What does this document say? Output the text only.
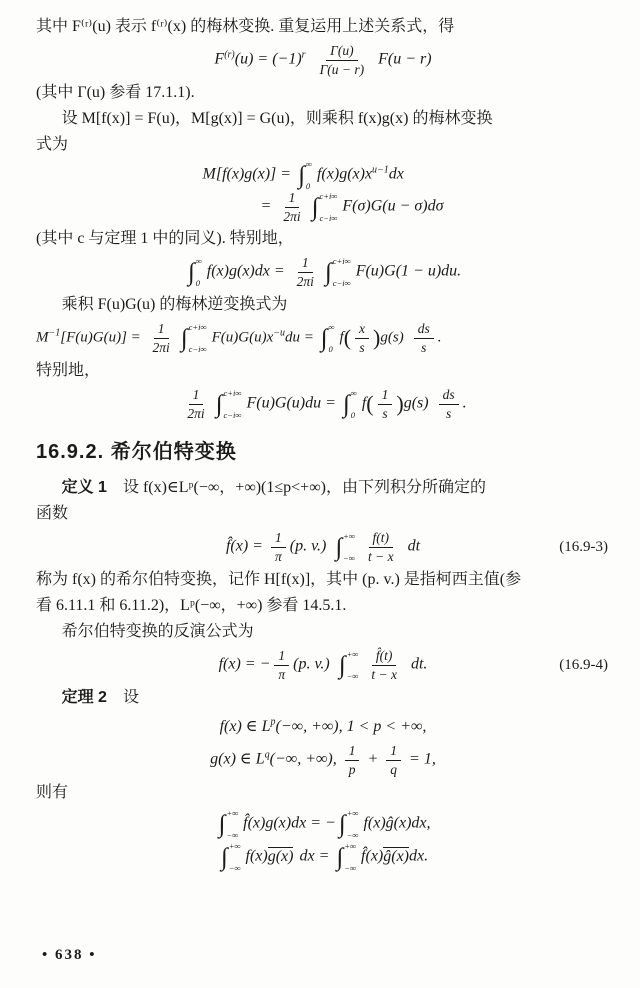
其中 F⁽ʳ⁾(u) 表示 f⁽ʳ⁾(x) 的梅林变换. 重复运用上述关系式，得

$F^{(r)}(u) = (-1)^r \frac{\Gamma(u)}{\Gamma(u - r)} F(u - r)$

(其中 Γ(u) 参看 17.1.1).

设 M[f(x)] = F(u)，M[g(x)] = G(u)，则乘积 f(x)g(x) 的梅林变换

式为

M[f(x)g(x)] = ∫ ∞
0
$f(x)g(x)x^{u-1}dx$
= $\frac{1}{2\pi i}$ ∫ c+i∞
c−i∞
F(σ)G(u − σ)dσ

(其中 c 与定理 1 中的同义). 特别地，

∫ ∞
0
$f(x)g(x)dx = \frac{1}{2\pi i}$ ∫ c+i∞
c−i∞
F(u)G(1 − u)du.

乘积 F(u)G(u) 的梅林逆变换式为

$M^{-1}[F(u)G(u)] = \frac{1}{2\pi i}$ ∫ c+i∞
c−i∞
$F(u)G(u)x^{-u}du$ = ∫ ∞
0
$f( \frac{x}{s} )g(s) \frac{ds}{s}$ .

特别地，

$\frac{1}{2\pi i}$ ∫ c+i∞
c−i∞
F(u)G(u)du = ∫ ∞
0
$f( \frac{1}{s} )g(s) \frac{ds}{s}$ .
16.9.2. 希尔伯特变换

定义 1　设 f(x)∈Lᵖ(−∞，+∞)(1≤p<+∞)，由下列积分所确定的

函数

f̂(x) = $\frac{1}{\pi} (p$. v.) ∫ +∞
−∞ $\frac{f(t)}{t - x}$ dt	(16.9-3)

称为 f(x) 的希尔伯特变换，记作 H[f(x)]，其中 (p. v.) 是指柯西主值(参

看 6.11.1 和 6.11.2)，Lᵖ(−∞，+∞) 参看 14.5.1.

希尔伯特变换的反演公式为

f(x) = − $\frac{1}{\pi} (p$. v.) ∫ +∞
−∞ $\frac{f̂(t)}{t - x}$ dt.	(16.9-4)

定理 2　设

f(x) ∈ $L^p(-\infty$, +∞), 1 < p < +∞,
g(x) ∈ $L^q(-\infty$, +∞), $\frac{1}{p} + \frac{1}{q} = 1$,

则有

∫ +∞
−∞
f̂(x)g(x)dx = − ∫ +∞
−∞
f(x)ĝ(x)dx,
∫ +∞
−∞
f(x)g(x) dx = ∫ +∞
−∞
f̂(x)ĝ(x)dx.
• 638 •
